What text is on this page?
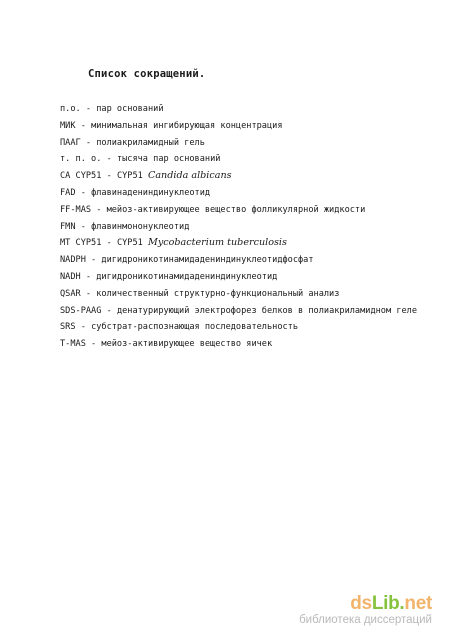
Список сокращений.
п.о. - пар оснований
МИК - минимальная ингибирующая концентрация
ПААГ - полиакриламидный гель
т. п. о. - тысяча пар оснований
CA CYP51 - CYP51 Candida albicans
FAD - флавинадениндинуклеотид
FF-MAS - мейоз-активирующее вещество фолликулярной жидкости
FMN - флавинмононуклеотид
MT CYP51 - CYP51 Mycobacterium tuberculosis
NADPH - дигидроникотинамидадениндинуклеотидфосфат
NADH - дигидроникотинамидадениндинуклеотид
QSAR - количественный структурно-функциональный анализ
SDS-PAAG - денатурирующий электрофорез белков в полиакриламидном геле
SRS - субстрат-распознающая последовательность
T-MAS - мейоз-активирующее вещество яичек
dsLib.net
библиотека диссертаций
